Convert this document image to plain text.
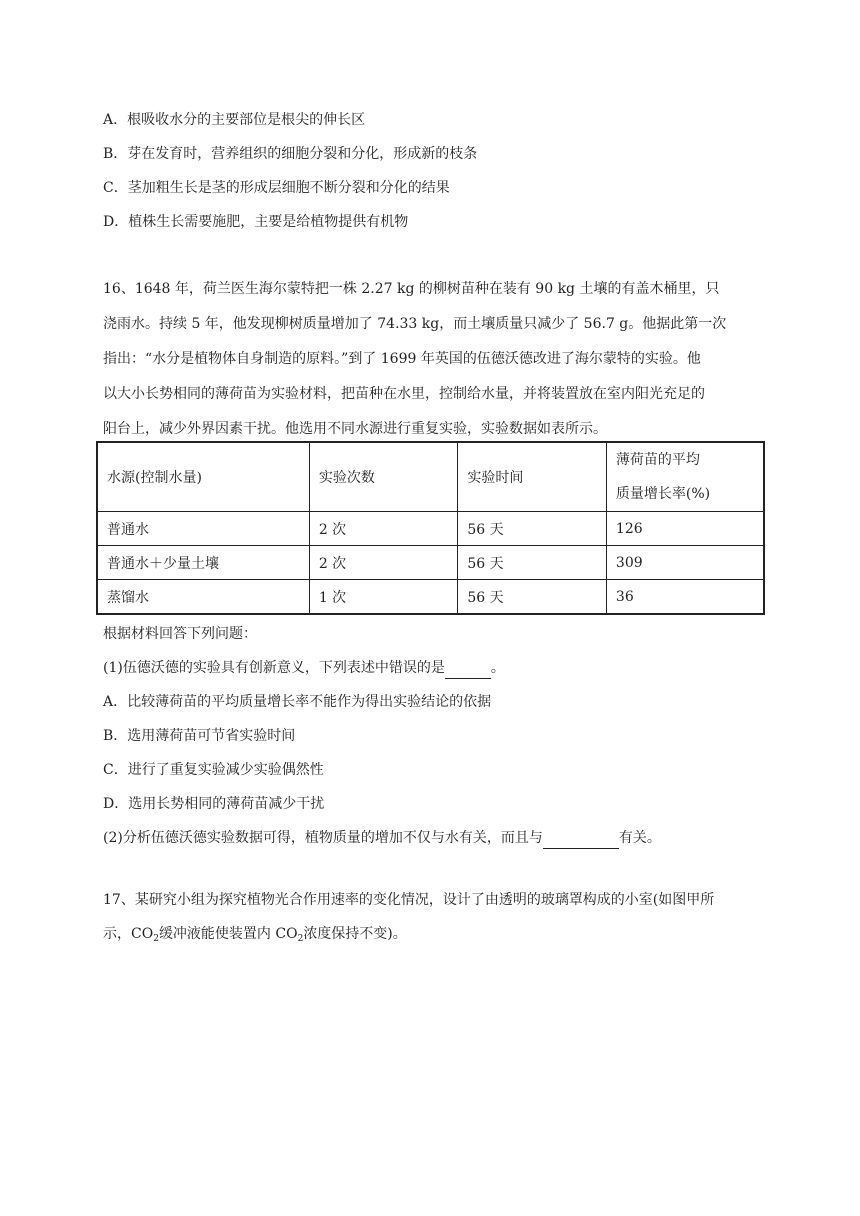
A．根吸收水分的主要部位是根尖的伸长区
B．芽在发育时，营养组织的细胞分裂和分化，形成新的枝条
C．茎加粗生长是茎的形成层细胞不断分裂和分化的结果
D．植株生长需要施肥，主要是给植物提供有机物

16、1648 年，荷兰医生海尔蒙特把一株 2.27 kg 的柳树苗种在装有 90 kg 土壤的有盖木桶里，只

浇雨水。持续 5 年，他发现柳树质量增加了 74.33 kg，而土壤质量只减少了 56.7 g。他据此第一次

指出：“水分是植物体自身制造的原料。”到了 1699 年英国的伍德沃德改进了海尔蒙特的实验。他

以大小长势相同的薄荷苗为实验材料，把苗种在水里，控制给水量，并将装置放在室内阳光充足的

阳台上，减少外界因素干扰。他选用不同水源进行重复实验，实验数据如表所示。

水源(控制水量)	实验次数	实验时间	薄荷苗的平均
质量增长率(%)

普通水	2 次	56 天	126
普通水＋少量土壤	2 次	56 天	309
蒸馏水	1 次	56 天	36
根据材料回答下列问题：
(1)伍德沃德的实验具有创新意义，下列表述中错误的是	。
A．比较薄荷苗的平均质量增长率不能作为得出实验结论的依据
B．选用薄荷苗可节省实验时间
C．进行了重复实验减少实验偶然性
D．选用长势相同的薄荷苗减少干扰
(2)分析伍德沃德实验数据可得，植物质量的增加不仅与水有关，而且与	有关。
17、某研究小组为探究植物光合作用速率的变化情况，设计了由透明的玻璃罩构成的小室(如图甲所
示，$CO_2$缓冲液能使装置内 $CO_2$浓度保持不变)。
